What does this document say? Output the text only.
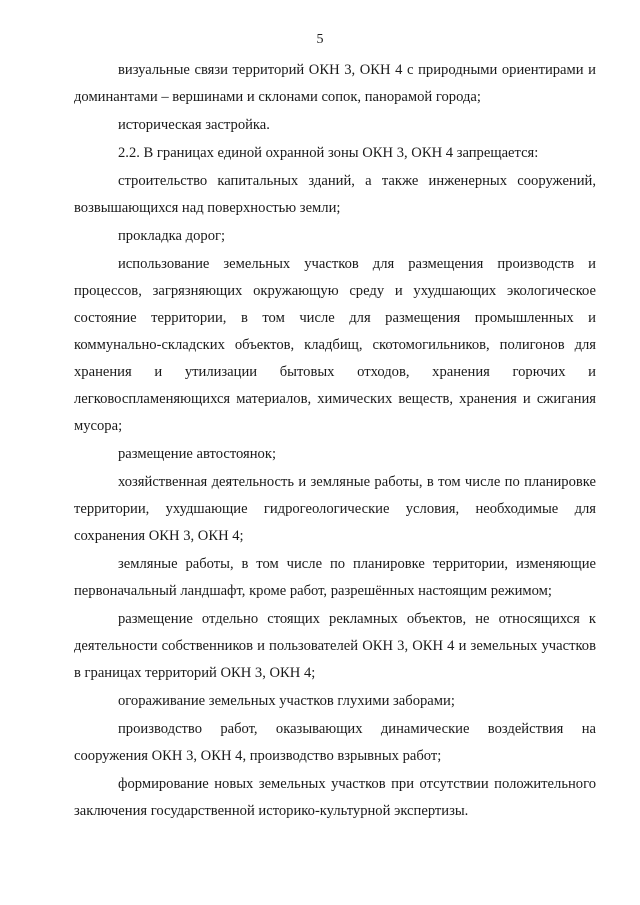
5

визуальные связи территорий ОКН 3, ОКН 4 с природными ориентирами и доминантами – вершинами и склонами сопок, панорамой города;

историческая застройка.

2.2. В границах единой охранной зоны ОКН 3, ОКН 4 запрещается:

строительство капитальных зданий, а также инженерных сооружений, возвышающихся над поверхностью земли;

прокладка дорог;

использование земельных участков для размещения производств и процессов, загрязняющих окружающую среду и ухудшающих экологическое состояние территории, в том числе для размещения промышленных и коммунально-складских объектов, кладбищ, скотомогильников, полигонов для хранения и утилизации бытовых отходов, хранения горючих и легковоспламеняющихся материалов, химических веществ, хранения и сжигания мусора;

размещение автостоянок;

хозяйственная деятельность и земляные работы, в том числе по планировке территории, ухудшающие гидрогеологические условия, необходимые для сохранения ОКН 3, ОКН 4;

земляные работы, в том числе по планировке территории, изменяющие первоначальный ландшафт, кроме работ, разрешённых настоящим режимом;

размещение отдельно стоящих рекламных объектов, не относящихся к деятельности собственников и пользователей ОКН 3, ОКН 4 и земельных участков в границах территорий ОКН 3, ОКН 4;

огораживание земельных участков глухими заборами;

производство работ, оказывающих динамические воздействия на сооружения ОКН 3, ОКН 4, производство взрывных работ;

формирование новых земельных участков при отсутствии положительного заключения государственной историко-культурной экспертизы.
